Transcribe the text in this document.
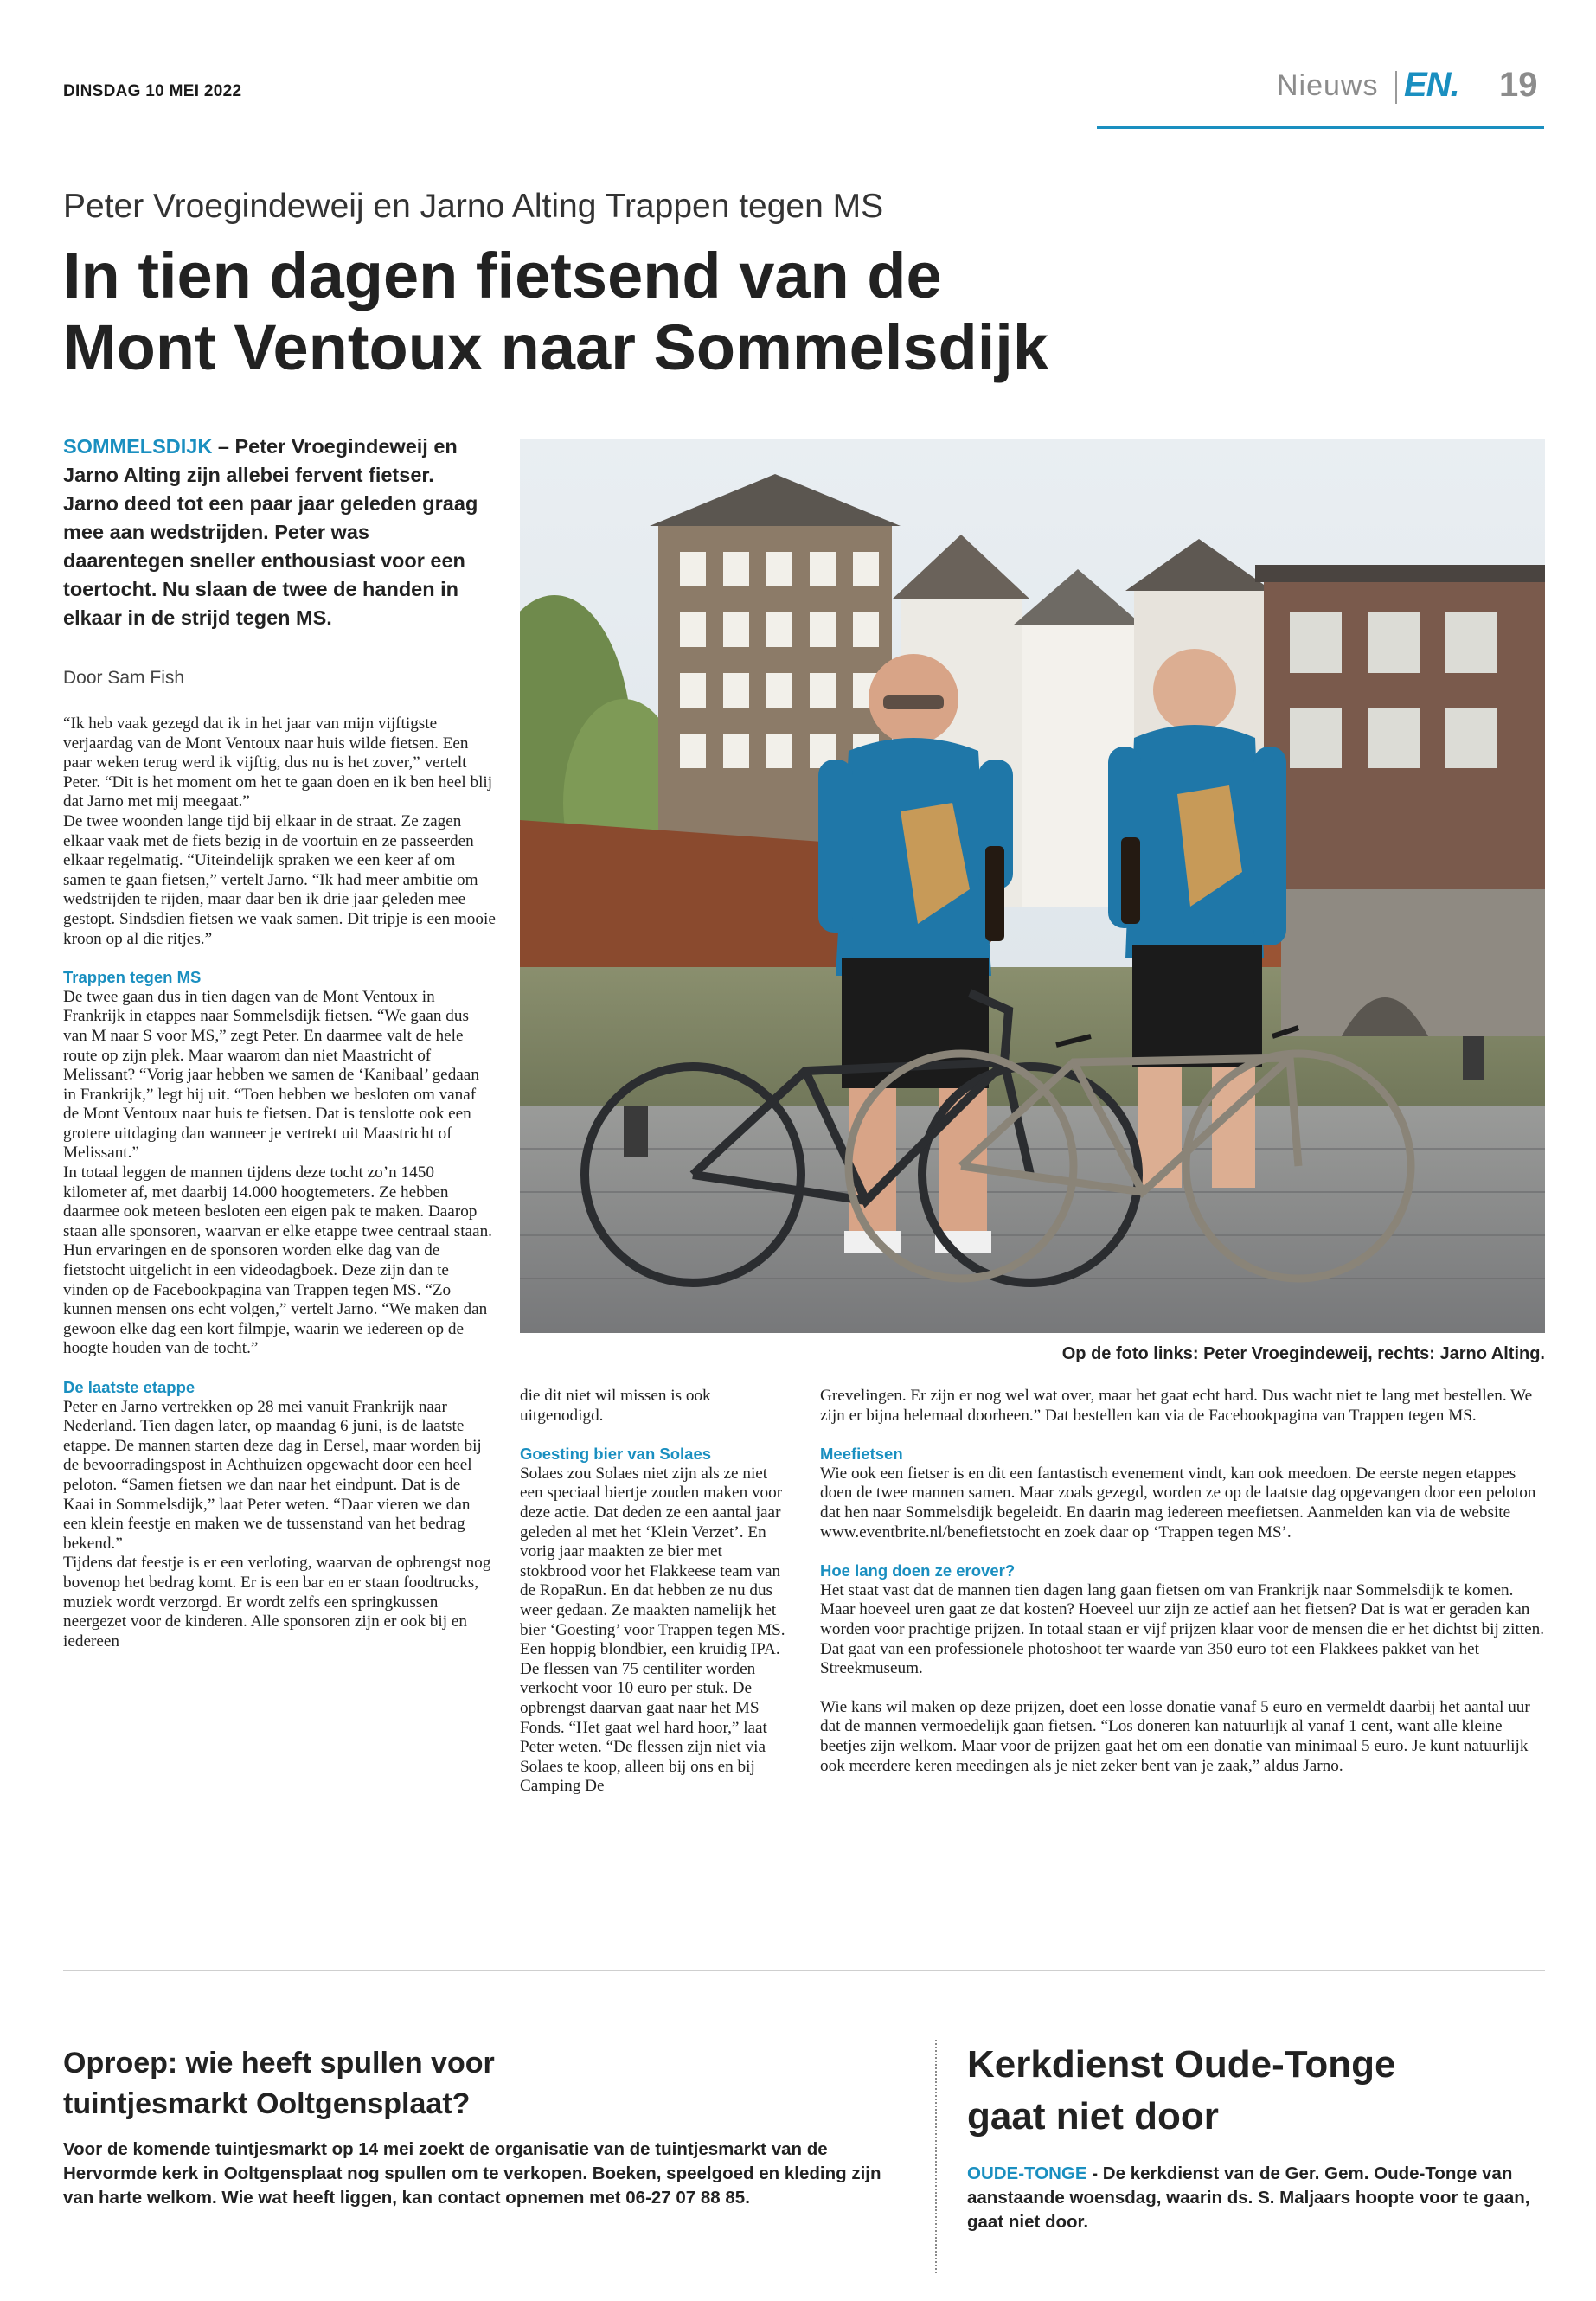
DINSDAG 10 MEI 2022	Nieuws EN. 19
Peter Vroegindeweij en Jarno Alting Trappen tegen MS
In tien dagen fietsend van de
Mont Ventoux naar Sommelsdijk
SOMMELSDIJK – Peter Vroegindeweij en Jarno Alting zijn allebei fervent fietser. Jarno deed tot een paar jaar geleden graag mee aan wedstrijden. Peter was daarentegen sneller enthousiast voor een toertocht. Nu slaan de twee de handen in elkaar in de strijd tegen MS.
Door Sam Fish

“Ik heb vaak gezegd dat ik in het jaar van mijn vijftigste verjaardag van de Mont Ventoux naar huis wilde fietsen. Een paar weken terug werd ik vijftig, dus nu is het zover,” vertelt Peter. “Dit is het moment om het te gaan doen en ik ben heel blij dat Jarno met mij meegaat.”

De twee woonden lange tijd bij elkaar in de straat. Ze zagen elkaar vaak met de fiets bezig in de voortuin en ze passeerden elkaar regelmatig. “Uiteindelijk spraken we een keer af om samen te gaan fietsen,” vertelt Jarno. “Ik had meer ambitie om wedstrijden te rijden, maar daar ben ik drie jaar geleden mee gestopt. Sindsdien fietsen we vaak samen. Dit tripje is een mooie kroon op al die ritjes.”

Trappen tegen MS

De twee gaan dus in tien dagen van de Mont Ventoux in Frankrijk in etappes naar Sommelsdijk fietsen. “We gaan dus van M naar S voor MS,” zegt Peter. En daarmee valt de hele route op zijn plek. Maar waarom dan niet Maastricht of Melissant? “Vorig jaar hebben we samen de ‘Kanibaal’ gedaan in Frankrijk,” legt hij uit. “Toen hebben we besloten om vanaf de Mont Ventoux naar huis te fietsen. Dat is tenslotte ook een grotere uitdaging dan wanneer je vertrekt uit Maastricht of Melissant.”

In totaal leggen de mannen tijdens deze tocht zo’n 1450 kilometer af, met daarbij 14.000 hoogtemeters. Ze hebben daarmee ook meteen besloten een eigen pak te maken. Daarop staan alle sponsoren, waarvan er elke etappe twee centraal staan. Hun ervaringen en de sponsoren worden elke dag van de fietstocht uitgelicht in een videodagboek. Deze zijn dan te vinden op de Facebookpagina van Trappen tegen MS. “Zo kunnen mensen ons echt volgen,” vertelt Jarno. “We maken dan gewoon elke dag een kort filmpje, waarin we iedereen op de hoogte houden van de tocht.”

De laatste etappe

Peter en Jarno vertrekken op 28 mei vanuit Frankrijk naar Nederland. Tien dagen later, op maandag 6 juni, is de laatste etappe. De mannen starten deze dag in Eersel, maar worden bij de bevoorradingspost in Achthuizen opgewacht door een heel peloton. “Samen fietsen we dan naar het eindpunt. Dat is de Kaai in Sommelsdijk,” laat Peter weten. “Daar vieren we dan een klein feestje en maken we de tussenstand van het bedrag bekend.”

Tijdens dat feestje is er een verloting, waarvan de opbrengst nog bovenop het bedrag komt. Er is een bar en er staan foodtrucks, muziek wordt verzorgd. Er wordt zelfs een springkussen neergezet voor de kinderen. Alle sponsoren zijn er ook bij en iedereen

Op de foto links: Peter Vroegindeweij, rechts: Jarno Alting.

die dit niet wil missen is ook uitgenodigd.

Goesting bier van Solaes

Solaes zou Solaes niet zijn als ze niet een speciaal biertje zouden maken voor deze actie. Dat deden ze een aantal jaar geleden al met het ‘Klein Verzet’. En vorig jaar maakten ze bier met stokbrood voor het Flakkeese team van de RopaRun. En dat hebben ze nu dus weer gedaan. Ze maakten namelijk het bier ‘Goesting’ voor Trappen tegen MS. Een hoppig blondbier, een kruidig IPA.

De flessen van 75 centiliter worden verkocht voor 10 euro per stuk. De opbrengst daarvan gaat naar het MS Fonds. “Het gaat wel hard hoor,” laat Peter weten. “De flessen zijn niet via Solaes te koop, alleen bij ons en bij Camping De

Grevelingen. Er zijn er nog wel wat over, maar het gaat echt hard. Dus wacht niet te lang met bestellen. We zijn er bijna helemaal doorheen.” Dat bestellen kan via de Facebookpagina van Trappen tegen MS.

Meefietsen

Wie ook een fietser is en dit een fantastisch evenement vindt, kan ook meedoen. De eerste negen etappes doen de twee mannen samen. Maar zoals gezegd, worden ze op de laatste dag opgevangen door een peloton dat hen naar Sommelsdijk begeleidt. En daarin mag iedereen meefietsen. Aanmelden kan via de website www.eventbrite.nl/benefietstocht en zoek daar op ‘Trappen tegen MS’.

Hoe lang doen ze erover?

Het staat vast dat de mannen tien dagen lang gaan fietsen om van Frankrijk naar Sommelsdijk te komen. Maar hoeveel uren gaat ze dat kosten? Hoeveel uur zijn ze actief aan het fietsen? Dat is wat er geraden kan worden voor prachtige prijzen. In totaal staan er vijf prijzen klaar voor de mensen die er het dichtst bij zitten. Dat gaat van een professionele photoshoot ter waarde van 350 euro tot een Flakkees pakket van het Streekmuseum.

Wie kans wil maken op deze prijzen, doet een losse donatie vanaf 5 euro en vermeldt daarbij het aantal uur dat de mannen vermoedelijk gaan fietsen. “Los doneren kan natuurlijk al vanaf 1 cent, want alle kleine beetjes zijn welkom. Maar voor de prijzen gaat het om een donatie van minimaal 5 euro. Je kunt natuurlijk ook meerdere keren meedingen als je niet zeker bent van je zaak,” aldus Jarno.

Oproep: wie heeft spullen voor
tuintjesmarkt Ooltgensplaat?
Voor de komende tuintjesmarkt op 14 mei zoekt de organisatie van de tuintjesmarkt van de Hervormde kerk in Ooltgensplaat nog spullen om te verkopen. Boeken, speelgoed en kleding zijn van harte welkom. Wie wat heeft liggen, kan contact opnemen met 06-27 07 88 85.
Kerkdienst Oude-Tonge
gaat niet door
OUDE-TONGE - De kerkdienst van de Ger. Gem. Oude-Tonge van aanstaande woensdag, waarin ds. S. Maljaars hoopte voor te gaan, gaat niet door.
